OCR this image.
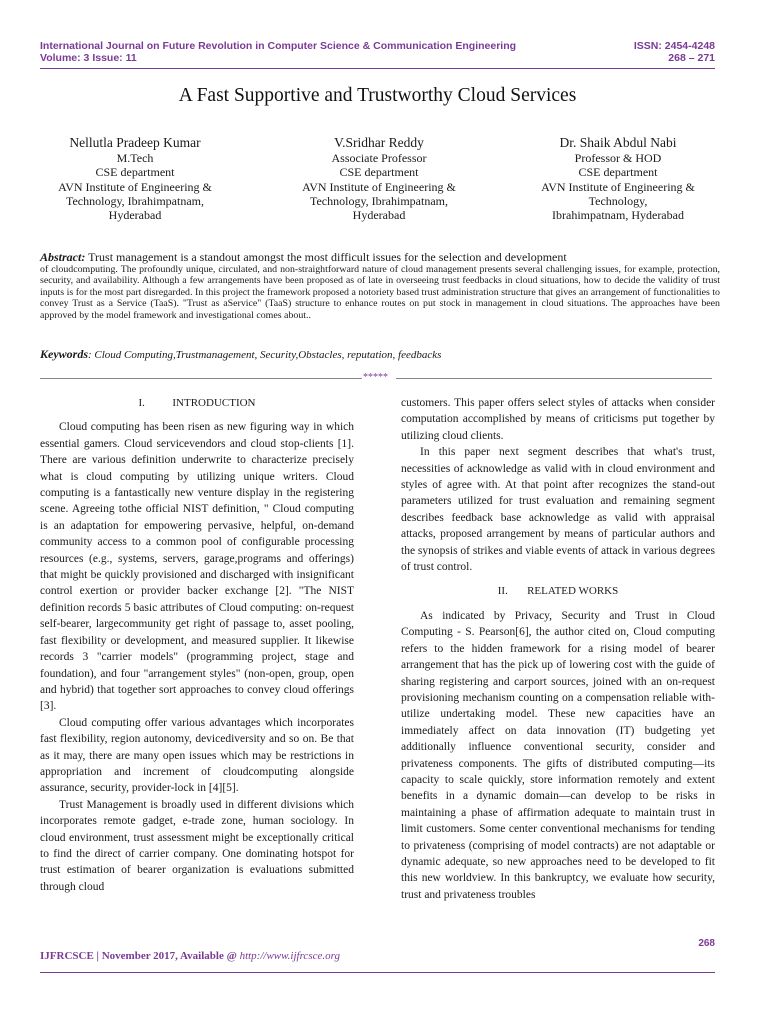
International Journal on Future Revolution in Computer Science & Communication Engineering
Volume: 3 Issue: 11
ISSN: 2454-4248
268 – 271
A Fast Supportive and Trustworthy Cloud Services
Nellutla Pradeep Kumar
M.Tech
CSE department
AVN Institute of Engineering &
Technology, Ibrahimpatnam,
Hyderabad
V.Sridhar Reddy
Associate Professor
CSE department
AVN Institute of Engineering &
Technology, Ibrahimpatnam,
Hyderabad
Dr. Shaik Abdul Nabi
Professor & HOD
CSE department
AVN Institute of Engineering &
Technology,
Ibrahimpatnam, Hyderabad
Abstract: Trust management is a standout amongst the most difficult issues for the selection and development
of cloudcomputing. The profoundly unique, circulated, and non-straightforward nature of cloud management presents several challenging issues, for example, protection, security, and availability. Although a few arrangements have been proposed as of late in overseeing trust feedbacks in cloud situations, how to decide the validity of trust inputs is for the most part disregarded. In this project the framework proposed a notoriety based trust administration structure that gives an arrangement of functionalities to convey Trust as a Service (TaaS). "Trust as aService" (TaaS) structure to enhance routes on put stock in management in cloud situations. The approaches have been approved by the model framework and investigational comes about..
Keywords: Cloud Computing,Trustmanagement, Security,Obstacles, reputation, feedbacks
*****
I.          INTRODUCTION

Cloud computing has been risen as new figuring way in which essential gamers. Cloud servicevendors and cloud stop-clients [1]. There are various definition underwrite to characterize precisely what is cloud computing by utilizing unique writers. Cloud computing is a fantastically new venture display in the registering scene. Agreeing tothe official NIST definition, " Cloud computing is an adaptation for empowering pervasive, helpful, on-demand community access to a common pool of configurable processing resources (e.g., systems, servers, garage,programs and offerings) that might be quickly provisioned and discharged with insignificant control exertion or provider backer exchange [2]. "The NIST definition records 5 basic attributes of Cloud computing: on-request self-bearer, largecommunity get right of passage to, asset pooling, fast flexibility or development, and measured supplier. It likewise records 3 "carrier models" (programming project, stage and foundation), and four "arrangement styles" (non-open, group, open and hybrid) that together sort approaches to convey cloud offerings [3].

Cloud computing offer various advantages which incorporates fast flexibility, region autonomy, devicediversity and so on. Be that as it may, there are many open issues which may be restrictions in appropriation and increment of cloudcomputing alongside assurance, security, provider-lock in [4][5].

Trust Management is broadly used in different divisions which incorporates remote gadget, e-trade zone, human sociology. In cloud environment, trust assessment might be exceptionally critical to find the direct of carrier company. One dominating hotspot for trust estimation of bearer organization is evaluations submitted through cloud

customers. This paper offers select styles of attacks when consider computation accomplished by means of criticisms put together by utilizing cloud clients.

In this paper next segment describes that what's trust, necessities of acknowledge as valid with in cloud environment and styles of agree with. At that point after recognizes the stand-out parameters utilized for trust evaluation and remaining segment describes feedback base acknowledge as valid with appraisal attacks, proposed arrangement by means of particular authors and the synopsis of strikes and viable events of attack in various degrees of trust control.

II.       RELATED WORKS

As indicated by Privacy, Security and Trust in Cloud Computing - S. Pearson[6], the author cited on, Cloud computing refers to the hidden framework for a rising model of bearer arrangement that has the pick up of lowering cost with the guide of sharing registering and carport sources, joined with an on-request provisioning mechanism counting on a compensation reliable with-utilize undertaking model. These new capacities have an immediately affect on data innovation (IT) budgeting yet additionally influence conventional security, consider and privateness components. The gifts of distributed computing—its capacity to scale quickly, store information remotely and extent benefits in a dynamic domain—can develop to be risks in maintaining a phase of affirmation adequate to maintain trust in limit customers. Some center conventional mechanisms for tending to privateness (comprising of model contracts) are not adaptable or dynamic adequate, so new approaches need to be developed to fit this new worldview. In this bankruptcy, we evaluate how security, trust and privateness troubles

268
IJFRCSCE | November 2017, Available @ http://www.ijfrcsce.org
